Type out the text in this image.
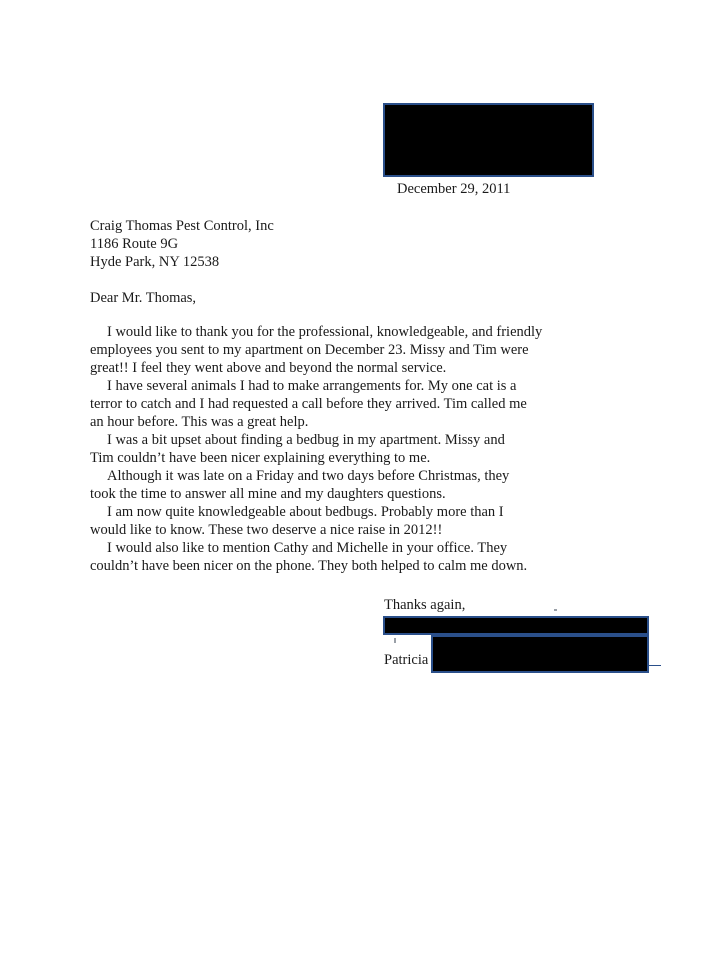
December 29, 2011
Craig Thomas Pest Control, Inc
1186 Route 9G
Hyde Park, NY 12538
Dear Mr. Thomas,
I would like to thank you for the professional, knowledgeable, and friendly
employees you sent to my apartment on December 23. Missy and Tim were
great!! I feel they went above and beyond the normal service.
I have several animals I had to make arrangements for. My one cat is a
terror to catch and I had requested a call before they arrived. Tim called me
an hour before. This was a great help.
I was a bit upset about finding a bedbug in my apartment. Missy and
Tim couldn’t have been nicer explaining everything to me.
Although it was late on a Friday and two days before Christmas, they
took the time to answer all mine and my daughters questions.
I am now quite knowledgeable about bedbugs. Probably more than I
would like to know. These two deserve a nice raise in 2012!!
I would also like to mention Cathy and Michelle in your office. They
couldn’t have been nicer on the phone. They both helped to calm me down.
Thanks again,
Patricia
